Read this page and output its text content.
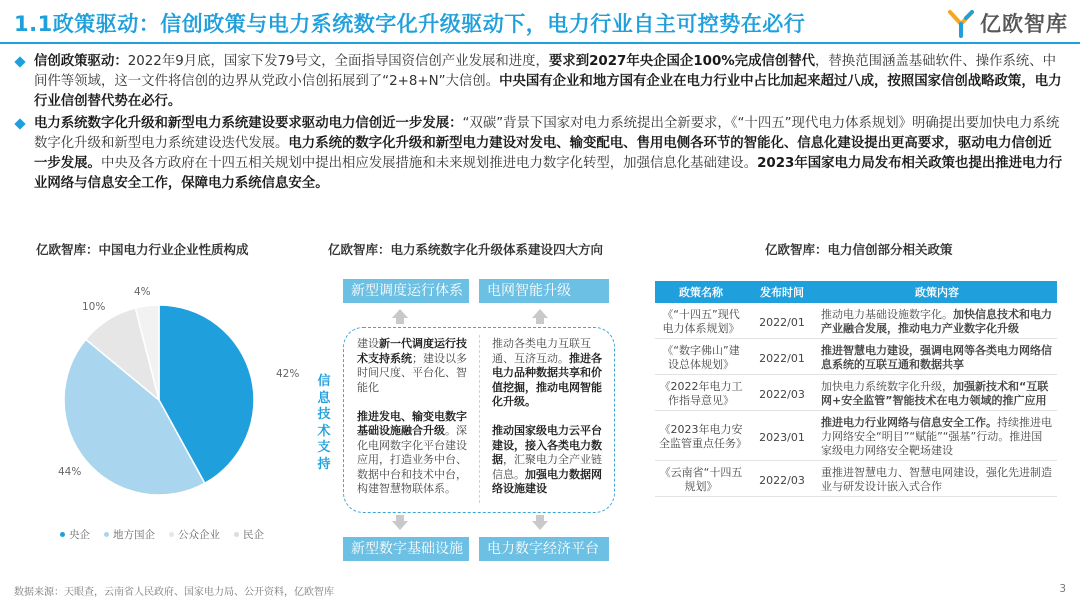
1.1政策驱动：信创政策与电力系统数字化升级驱动下，电力行业自主可控势在必行	亿欧智库
信创政策驱动：2022年9月底，国家下发79号文，全面指导国资信创产业发展和进度，要求到2027年央企国企100%完成信创替代，替换范围涵盖基础软件、操作系统、中间件等领域，这一文件将信创的边界从党政小信创拓展到了“2+8+N”大信创。中央国有企业和地方国有企业在电力行业中占比加起来超过八成，按照国家信创战略政策，电力行业信创替代势在必行。
电力系统数字化升级和新型电力系统建设要求驱动电力信创近一步发展：“双碳”背景下国家对电力系统提出全新要求，《“十四五”现代电力体系规划》明确提出要加快电力系统数字化升级和新型电力系统建设迭代发展。电力系统的数字化升级和新型电力建设对发电、输变配电、售用电侧各环节的智能化、信息化建设提出更高要求，驱动电力信创近一步发展。中央及各方政府在十四五相关规划中提出相应发展措施和未来规划推进电力数字化转型，加强信息化基础建设。2023年国家电力局发布相关政策也提出推进电力行业网络与信息安全工作，保障电力系统信息安全。
亿欧智库：中国电力行业企业性质构成
42%
44%
10%
4%
央企 地方国企 公众企业 民企
亿欧智库：电力系统数字化升级体系建设四大方向
新型调度运行体系	电网智能升级
信息技术支持
建设新一代调度运行技术支持系统；建设以多时间尺度、平台化、智能化

推进发电、输变电数字基础设施融合升级。深化电网数字化平台建设应用，打造业务中台、数据中台和技术中台，构建智慧物联体系。
推动各类电力互联互通、互济互动。推进各电力品种数据共享和价值挖掘，推动电网智能化升级。

推动国家级电力云平台建设，接入各类电力数据，汇聚电力全产业链信息。加强电力数据网络设施建设
新型数字基础设施	电力数字经济平台
亿欧智库：电力信创部分相关政策
政策名称	发布时间	政策内容
《“十四五”现代电力体系规划》	2022/01	推动电力基础设施数字化。加快信息技术和电力产业融合发展，推动电力产业数字化升级
《“数字佛山”建设总体规划》	2022/01	推进智慧电力建设，强调电网等各类电力网络信息系统的互联互通和数据共享
《2022年电力工作指导意见》	2022/03	加快电力系统数字化升级，加强新技术和“互联网+安全监管”智能技术在电力领域的推广应用
《2023年电力安全监管重点任务》	2023/01	推进电力行业网络与信息安全工作。持续推进电力网络安全“明目”“赋能”“强基”行动。推进国家级电力网络安全靶场建设
《云南省“十四五规划》	2022/03	重推进智慧电力、智慧电网建设，强化先进制造业与研发设计嵌入式合作
数据来源：天眼查，云南省人民政府、国家电力局、公开资料，亿欧智库	3
